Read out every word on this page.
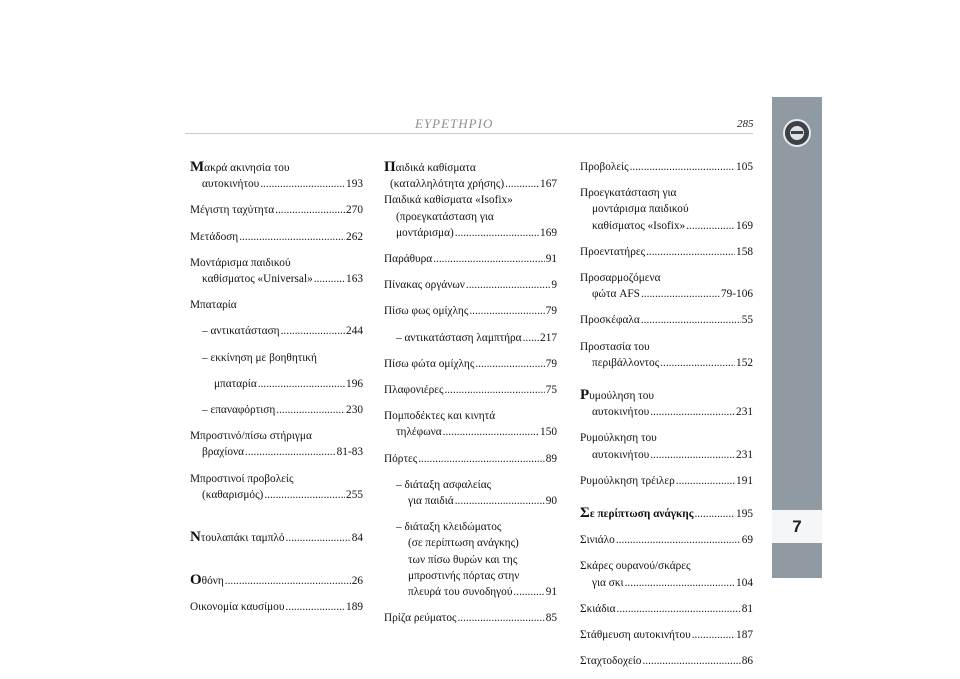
ΕΥΡΕΤΗΡΙΟ	285
7
Μακρά ακινησία του
αυτοκινήτου .....	193
Μέγιστη ταχύτητα .....	270
Μετάδοση .....	262
Μοντάρισμα παιδικού
καθίσματος «Universal» .....	163
Μπαταρία
– αντικατάσταση .....	244
– εκκίνηση με βοηθητική
μπαταρία .....	196
– επαναφόρτιση .....	230
Μπροστινό/πίσω στήριγμα
βραχίονα .....	81-83
Μπροστινοί προβολείς
(καθαρισμός) .....	255
Ντουλαπάκι ταμπλό .....	84
Οθόνη .....	26
Οικονομία καυσίμου .....	189
Παιδικά καθίσματα
(καταλληλότητα χρήσης) .....	167
Παιδικά καθίσματα «Isofix»
(προεγκατάσταση για
μοντάρισμα) .....	169
Παράθυρα .....	91
Πίνακας οργάνων .....	9
Πίσω φως ομίχλης .....	79
– αντικατάσταση λαμπτήρα ..... 217
Πίσω φώτα ομίχλης .....	79
Πλαφονιέρες .....	75
Πομποδέκτες και κινητά
τηλέφωνα .....	150
Πόρτες .....	89
– διάταξη ασφαλείας
για παιδιά .....	90
– διάταξη κλειδώματος
(σε περίπτωση ανάγκης)
των πίσω θυρών και της
μπροστινής πόρτας στην
πλευρά του συνοδηγού .....	91
Πρίζα ρεύματος .....	85
Προβολείς .....	105
Προεγκατάσταση για
μοντάρισμα παιδικού
καθίσματος «Isofix» .....	169
Προεντατήρες .....	158
Προσαρμοζόμενα
φώτα AFS .....	79-106
Προσκέφαλα .....	55
Προστασία του
περιβάλλοντος .....	152
Ρυμούληση του
αυτοκινήτου .....	231
Ρυμούλκηση του
αυτοκινήτου .....	231
Ρυμούλκηση τρέιλερ .....	191
Σε περίπτωση ανάγκης .....	195
Σινιάλο .....	69
Σκάρες ουρανού/σκάρες
για σκι .....	104
Σκιάδια .....	81
Στάθμευση αυτοκινήτου .....	187
Σταχτοδοχείο .....	86
